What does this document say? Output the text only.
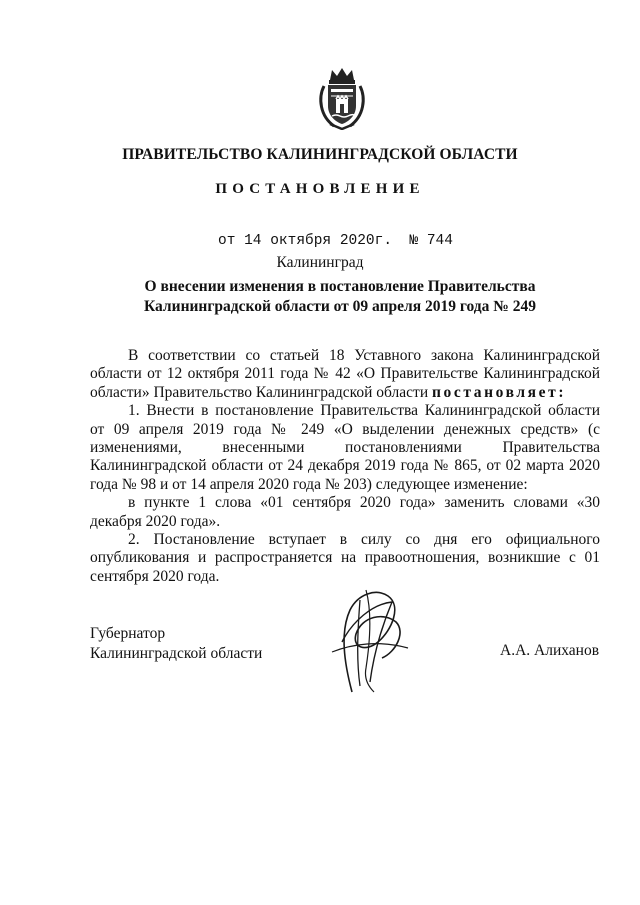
ПРАВИТЕЛЬСТВО КАЛИНИНГРАДСКОЙ ОБЛАСТИ
ПОСТАНОВЛЕНИЕ
от 14 октября 2020г. № 744
Калининград
О внесении изменения в постановление Правительства
Калининградской области от 09 апреля 2019 года № 249

В соответствии со статьей 18 Уставного закона Калининградской области от 12 октября 2011 года № 42 «О Правительстве Калининградской области» Правительство Калининградской области постановляет:

1. Внести в постановление Правительства Калининградской области от 09 апреля 2019 года № 249 «О выделении денежных средств» (с изменениями, внесенными постановлениями Правительства Калининградской области от 24 декабря 2019 года № 865, от 02 марта 2020 года № 98 и от 14 апреля 2020 года № 203) следующее изменение:

в пункте 1 слова «01 сентября 2020 года» заменить словами «30 декабря 2020 года».

2. Постановление вступает в силу со дня его официального опубликования и распространяется на правоотношения, возникшие с 01 сентября 2020 года.

Губернатор
Калининградской области	А.А. Алиханов
